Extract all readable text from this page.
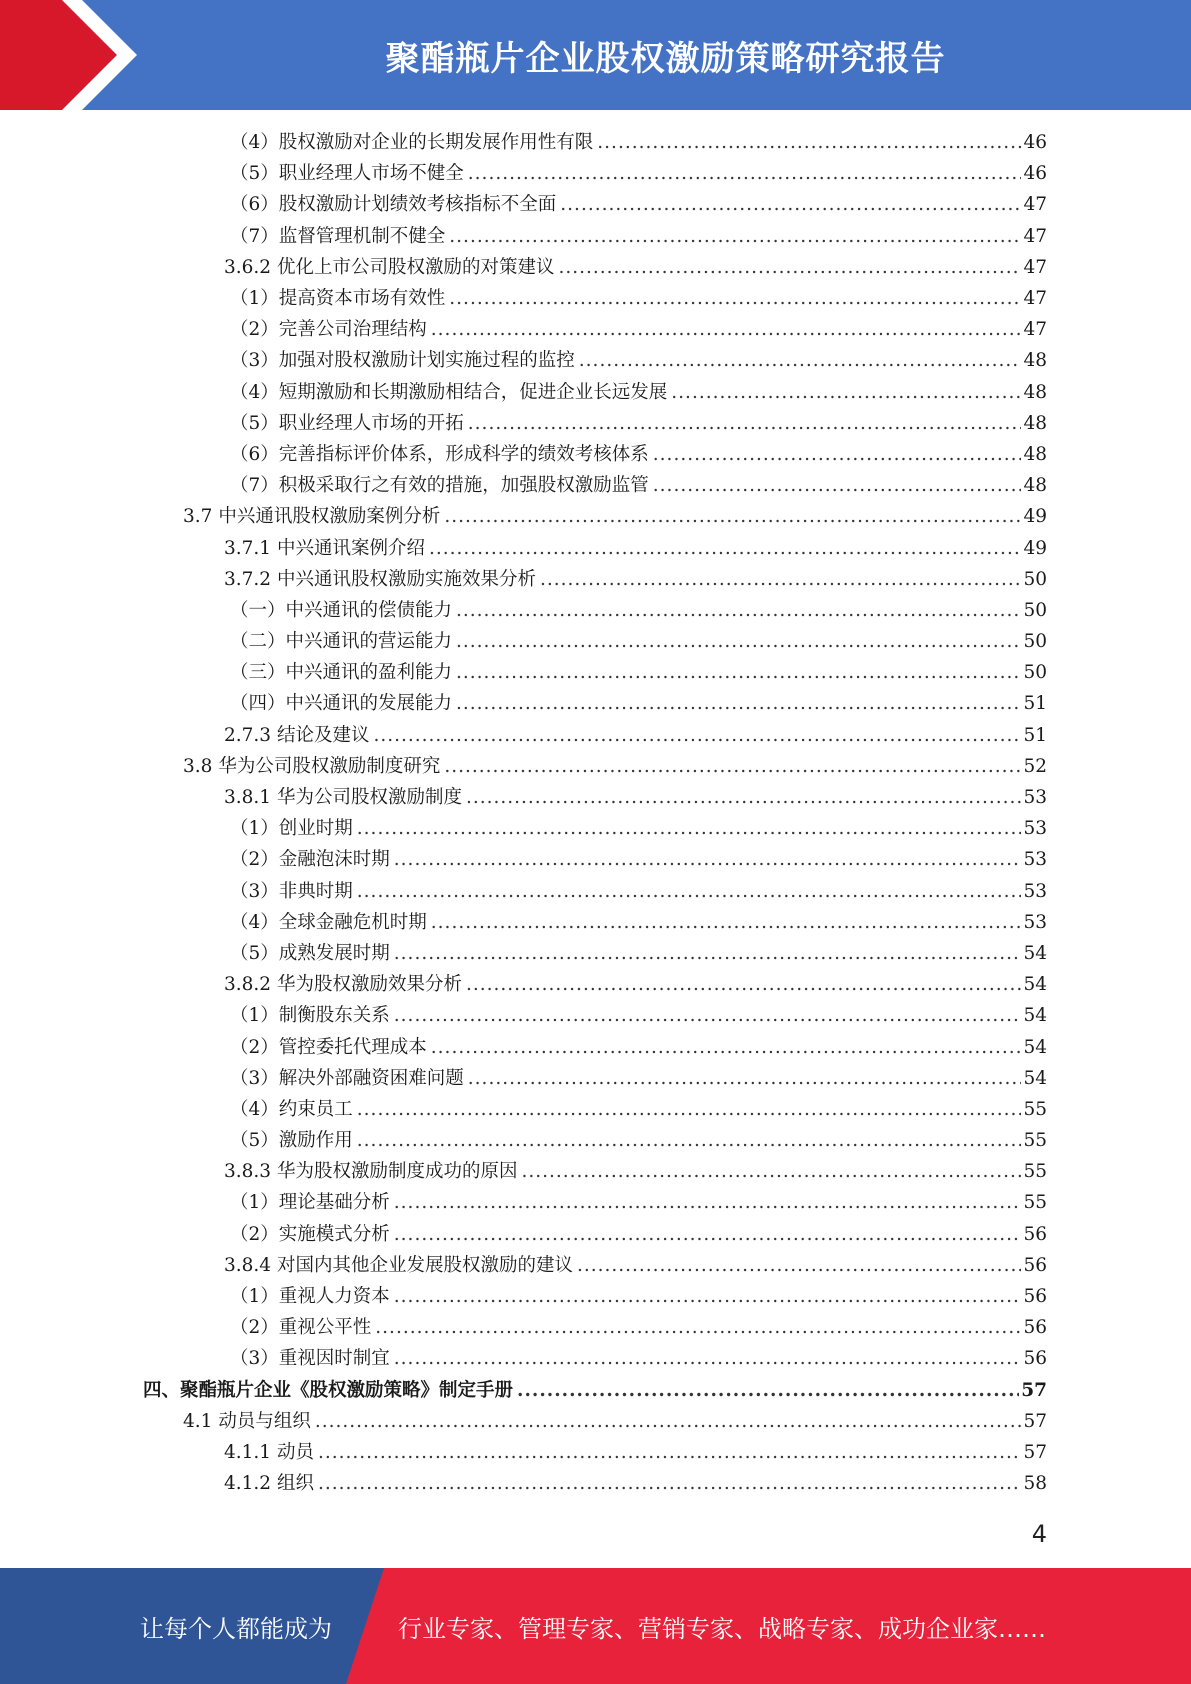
聚酯瓶片企业股权激励策略研究报告
（4） 股权激励对企业的长期发展作用性有限 .....	46
（5） 职业经理人市场不健全 .....	46
（6） 股权激励计划绩效考核指标不全面 .....	47
（7） 监督管理机制不健全 .....	47
3.6.2 优化上市公司股权激励的对策建议 .....	47
（1） 提高资本市场有效性 .....	47
（2） 完善公司治理结构 .....	47
（3） 加强对股权激励计划实施过程的监控 .....	48
（4） 短期激励和长期激励相结合，促进企业长远发展 .....	48
（5） 职业经理人市场的开拓 .....	48
（6） 完善指标评价体系，形成科学的绩效考核体系 .....	48
（7） 积极采取行之有效的措施，加强股权激励监管 .....	48
3.7 中兴通讯股权激励案例分析 .....	49
3.7.1 中兴通讯案例介绍 .....	49
3.7.2 中兴通讯股权激励实施效果分析 .....	50
（一） 中兴通讯的偿债能力 .....	50
（二） 中兴通讯的营运能力 .....	50
（三） 中兴通讯的盈利能力 .....	50
（四） 中兴通讯的发展能力 .....	51
2.7.3 结论及建议 .....	51
3.8 华为公司股权激励制度研究 .....	52
3.8.1 华为公司股权激励制度 .....	53
（1） 创业时期 .....	53
（2） 金融泡沫时期 .....	53
（3） 非典时期 .....	53
（4） 全球金融危机时期 .....	53
（5） 成熟发展时期 .....	54
3.8.2 华为股权激励效果分析 .....	54
（1） 制衡股东关系 .....	54
（2） 管控委托代理成本 .....	54
（3） 解决外部融资困难问题 .....	54
（4） 约束员工 .....	55
（5） 激励作用 .....	55
3.8.3 华为股权激励制度成功的原因 .....	55
（1） 理论基础分析 .....	55
（2） 实施模式分析 .....	56
3.8.4 对国内其他企业发展股权激励的建议 .....	56
（1） 重视人力资本 .....	56
（2） 重视公平性 .....	56
（3） 重视因时制宜 .....	56
四、 聚酯瓶片企业《股权激励策略》制定手册 .....	57
4.1 动员与组织 .....	57
4.1.1 动员 .....	57
4.1.2 组织 .....	58
4
让每个人都能成为	行业专家、管理专家、营销专家、战略专家、成功企业家……
